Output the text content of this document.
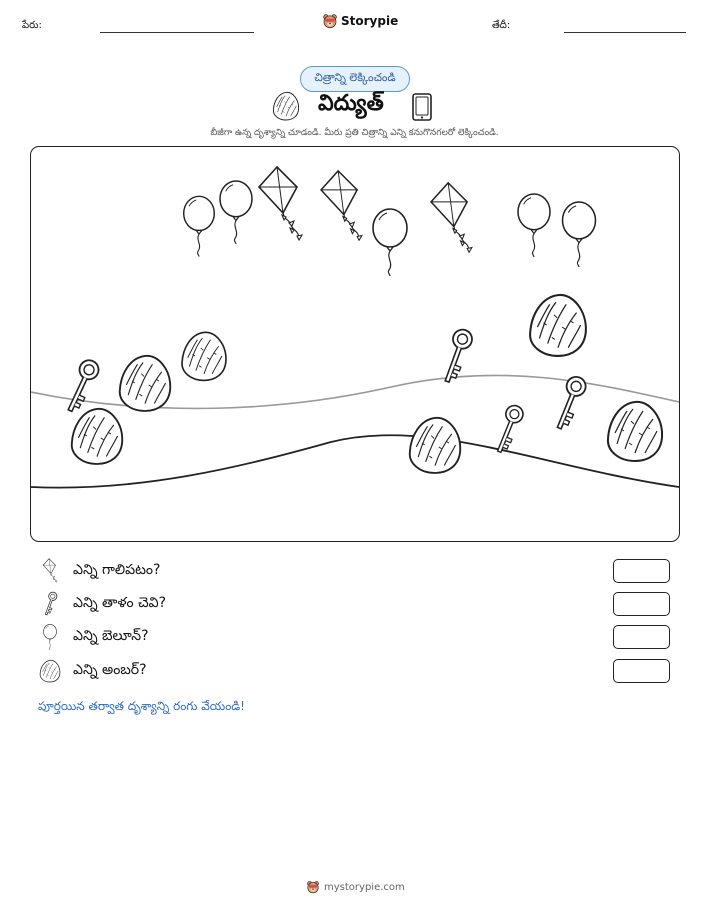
పేరు:	Storypie	తేదీ:
చిత్రాన్ని లెక్కించండి
విద్యుత్
బీజీగా ఉన్న దృశ్యాన్ని చూడండి. మీరు ప్రతి చిత్రాన్ని ఎన్ని కనుగొనగలరో లెక్కించండి.
ఎన్ని గాలిపటం?
ఎన్ని తాళం చెవి?
ఎన్ని బెలూన్?
ఎన్ని అంబర్?
పూర్తయిన తర్వాత దృశ్యాన్ని రంగు వేయండి!
mystorypie.com
